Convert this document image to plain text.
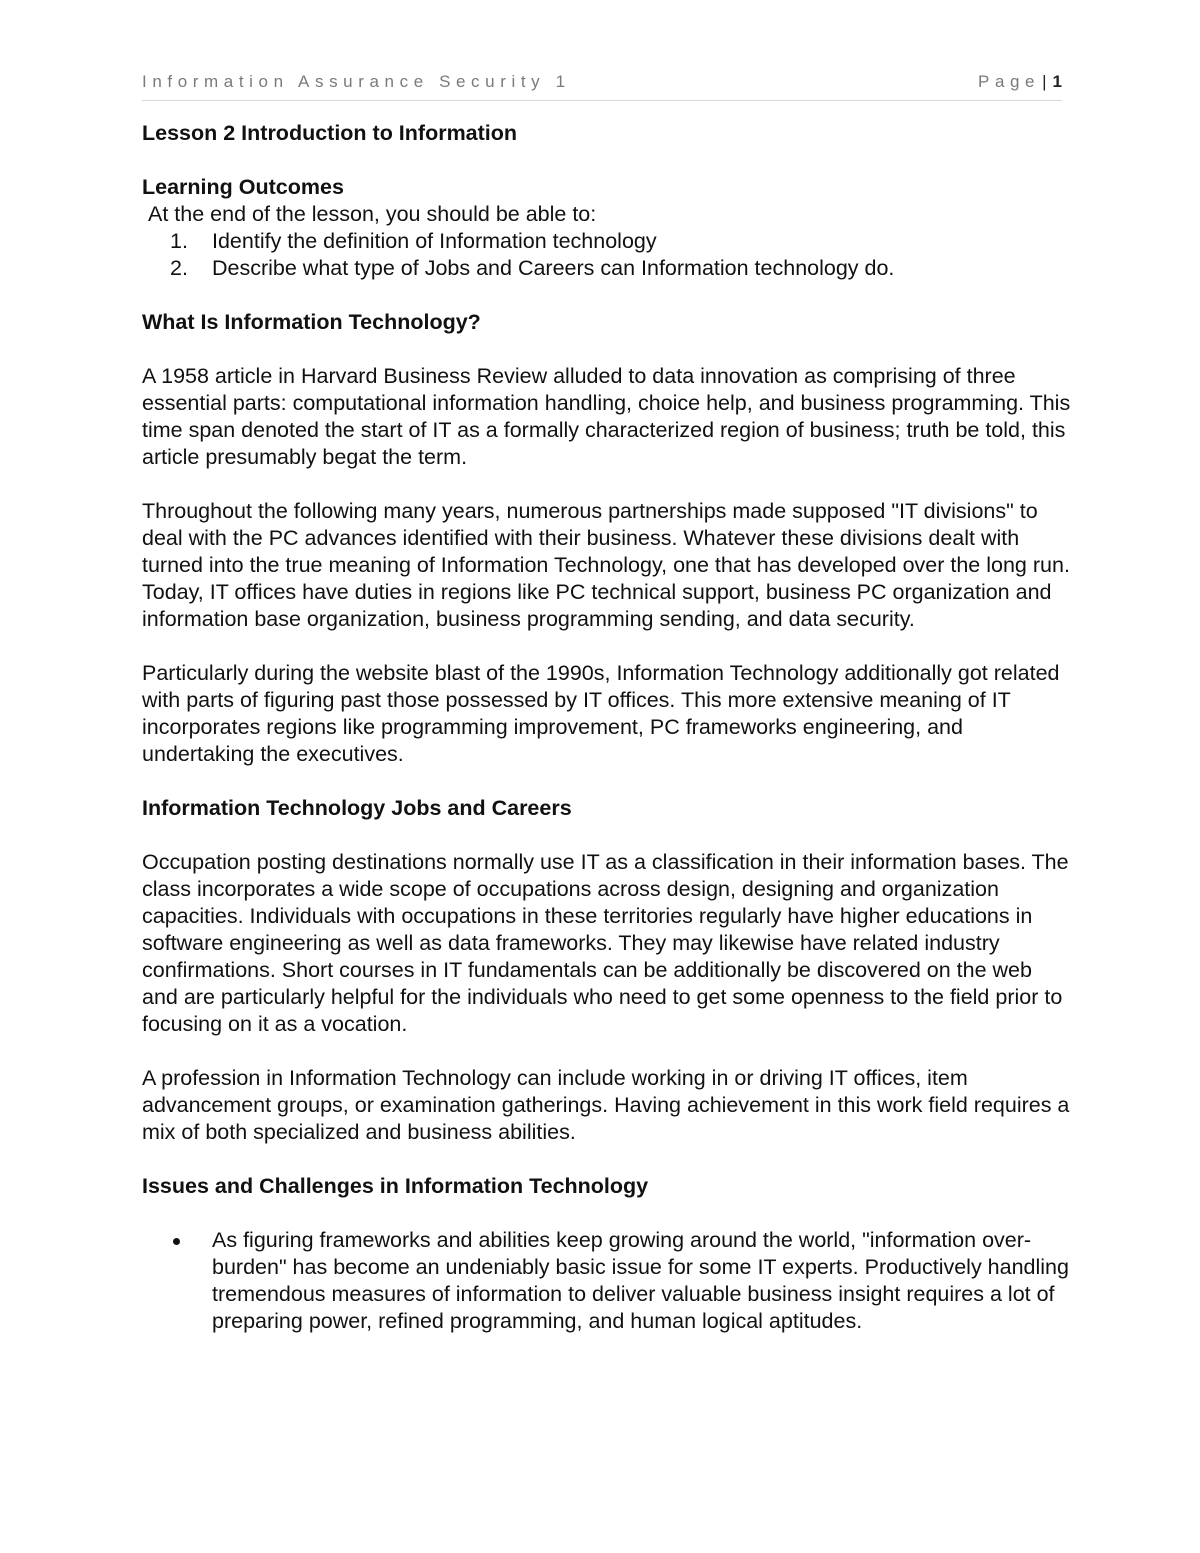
Information Assurance Security 1	Page | 1

Lesson 2 Introduction to Information

Learning Outcomes

At the end of the lesson, you should be able to:

1. Identify the definition of Information technology
2. Describe what type of Jobs and Careers can Information technology do.

What Is Information Technology?

A 1958 article in Harvard Business Review alluded to data innovation as comprising of three essential parts: computational information handling, choice help, and business programming. This time span denoted the start of IT as a formally characterized region of business; truth be told, this article presumably begat the term.

Throughout the following many years, numerous partnerships made supposed "IT divisions" to deal with the PC advances identified with their business. Whatever these divisions dealt with turned into the true meaning of Information Technology, one that has developed over the long run. Today, IT offices have duties in regions like PC technical support, business PC organization and information base organization, business programming sending, and data security.

Particularly during the website blast of the 1990s, Information Technology additionally got related with parts of figuring past those possessed by IT offices. This more extensive meaning of IT incorporates regions like programming improvement, PC frameworks engineering, and undertaking the executives.

Information Technology Jobs and Careers

Occupation posting destinations normally use IT as a classification in their information bases. The class incorporates a wide scope of occupations across design, designing and organization capacities. Individuals with occupations in these territories regularly have higher educations in software engineering as well as data frameworks. They may likewise have related industry confirmations. Short courses in IT fundamentals can be additionally be discovered on the web and are particularly helpful for the individuals who need to get some openness to the field prior to focusing on it as a vocation.

A profession in Information Technology can include working in or driving IT offices, item advancement groups, or examination gatherings. Having achievement in this work field requires a mix of both specialized and business abilities.

Issues and Challenges in Information Technology

As figuring frameworks and abilities keep growing around the world, "information over-burden" has become an undeniably basic issue for some IT experts. Productively handling tremendous measures of information to deliver valuable business insight requires a lot of preparing power, refined programming, and human logical aptitudes.
